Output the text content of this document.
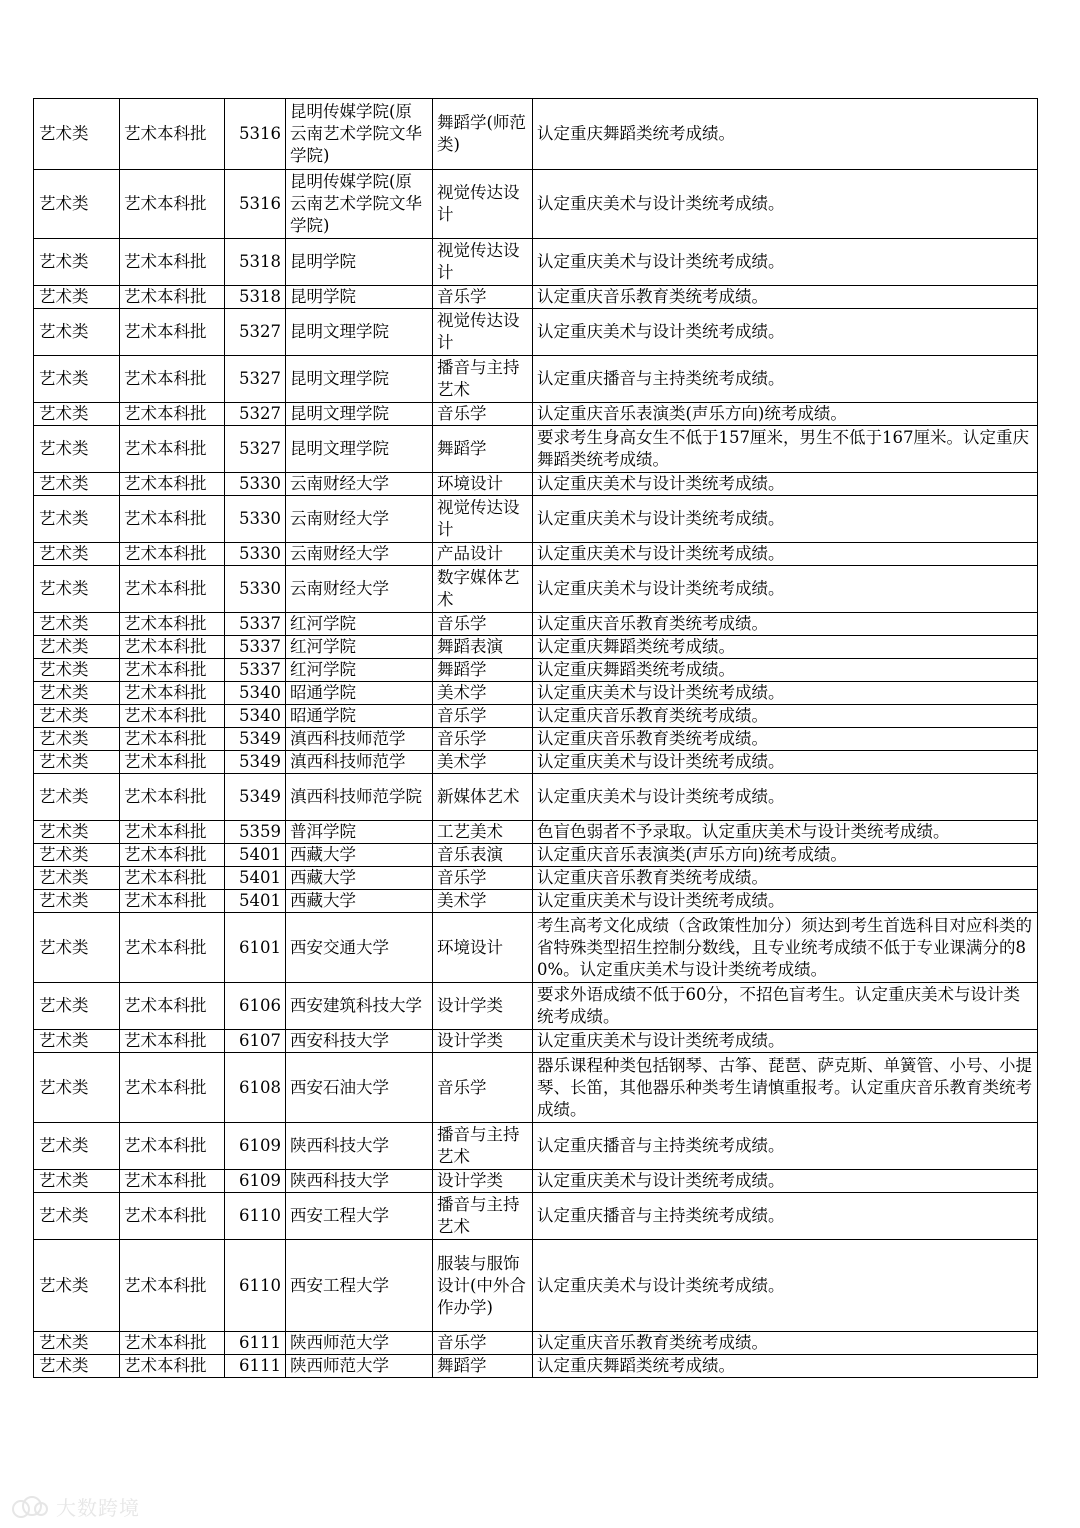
艺术类	艺术本科批	5316	昆明传媒学院(原云南艺术学院文华学院)	舞蹈学(师范类)	认定重庆舞蹈类统考成绩。
艺术类	艺术本科批	5316	昆明传媒学院(原云南艺术学院文华学院)	视觉传达设计	认定重庆美术与设计类统考成绩。
艺术类	艺术本科批	5318	昆明学院	视觉传达设计	认定重庆美术与设计类统考成绩。
艺术类	艺术本科批	5318	昆明学院	音乐学	认定重庆音乐教育类统考成绩。
艺术类	艺术本科批	5327	昆明文理学院	视觉传达设计	认定重庆美术与设计类统考成绩。
艺术类	艺术本科批	5327	昆明文理学院	播音与主持艺术	认定重庆播音与主持类统考成绩。
艺术类	艺术本科批	5327	昆明文理学院	音乐学	认定重庆音乐表演类(声乐方向)统考成绩。
艺术类	艺术本科批	5327	昆明文理学院	舞蹈学	要求考生身高女生不低于157厘米，男生不低于167厘米。认定重庆舞蹈类统考成绩。
艺术类	艺术本科批	5330	云南财经大学	环境设计	认定重庆美术与设计类统考成绩。
艺术类	艺术本科批	5330	云南财经大学	视觉传达设计	认定重庆美术与设计类统考成绩。
艺术类	艺术本科批	5330	云南财经大学	产品设计	认定重庆美术与设计类统考成绩。
艺术类	艺术本科批	5330	云南财经大学	数字媒体艺术	认定重庆美术与设计类统考成绩。
艺术类	艺术本科批	5337	红河学院	音乐学	认定重庆音乐教育类统考成绩。
艺术类	艺术本科批	5337	红河学院	舞蹈表演	认定重庆舞蹈类统考成绩。
艺术类	艺术本科批	5337	红河学院	舞蹈学	认定重庆舞蹈类统考成绩。
艺术类	艺术本科批	5340	昭通学院	美术学	认定重庆美术与设计类统考成绩。
艺术类	艺术本科批	5340	昭通学院	音乐学	认定重庆音乐教育类统考成绩。
艺术类	艺术本科批	5349	滇西科技师范学	音乐学	认定重庆音乐教育类统考成绩。
艺术类	艺术本科批	5349	滇西科技师范学	美术学	认定重庆美术与设计类统考成绩。
艺术类	艺术本科批	5349	滇西科技师范学院	新媒体艺术	认定重庆美术与设计类统考成绩。
艺术类	艺术本科批	5359	普洱学院	工艺美术	色盲色弱者不予录取。认定重庆美术与设计类统考成绩。
艺术类	艺术本科批	5401	西藏大学	音乐表演	认定重庆音乐表演类(声乐方向)统考成绩。
艺术类	艺术本科批	5401	西藏大学	音乐学	认定重庆音乐教育类统考成绩。
艺术类	艺术本科批	5401	西藏大学	美术学	认定重庆美术与设计类统考成绩。
艺术类	艺术本科批	6101	西安交通大学	环境设计	考生高考文化成绩（含政策性加分）须达到考生首选科目对应科类的省特殊类型招生控制分数线，且专业统考成绩不低于专业课满分的80%。认定重庆美术与设计类统考成绩。
艺术类	艺术本科批	6106	西安建筑科技大学	设计学类	要求外语成绩不低于60分，不招色盲考生。认定重庆美术与设计类统考成绩。
艺术类	艺术本科批	6107	西安科技大学	设计学类	认定重庆美术与设计类统考成绩。
艺术类	艺术本科批	6108	西安石油大学	音乐学	器乐课程种类包括钢琴、古筝、琵琶、萨克斯、单簧管、小号、小提琴、长笛，其他器乐种类考生请慎重报考。认定重庆音乐教育类统考成绩。
艺术类	艺术本科批	6109	陕西科技大学	播音与主持艺术	认定重庆播音与主持类统考成绩。
艺术类	艺术本科批	6109	陕西科技大学	设计学类	认定重庆美术与设计类统考成绩。
艺术类	艺术本科批	6110	西安工程大学	播音与主持艺术	认定重庆播音与主持类统考成绩。
艺术类	艺术本科批	6110	西安工程大学	服装与服饰设计(中外合作办学)	认定重庆美术与设计类统考成绩。
艺术类	艺术本科批	6111	陕西师范大学	音乐学	认定重庆音乐教育类统考成绩。
艺术类	艺术本科批	6111	陕西师范大学	舞蹈学	认定重庆舞蹈类统考成绩。
大数跨境
